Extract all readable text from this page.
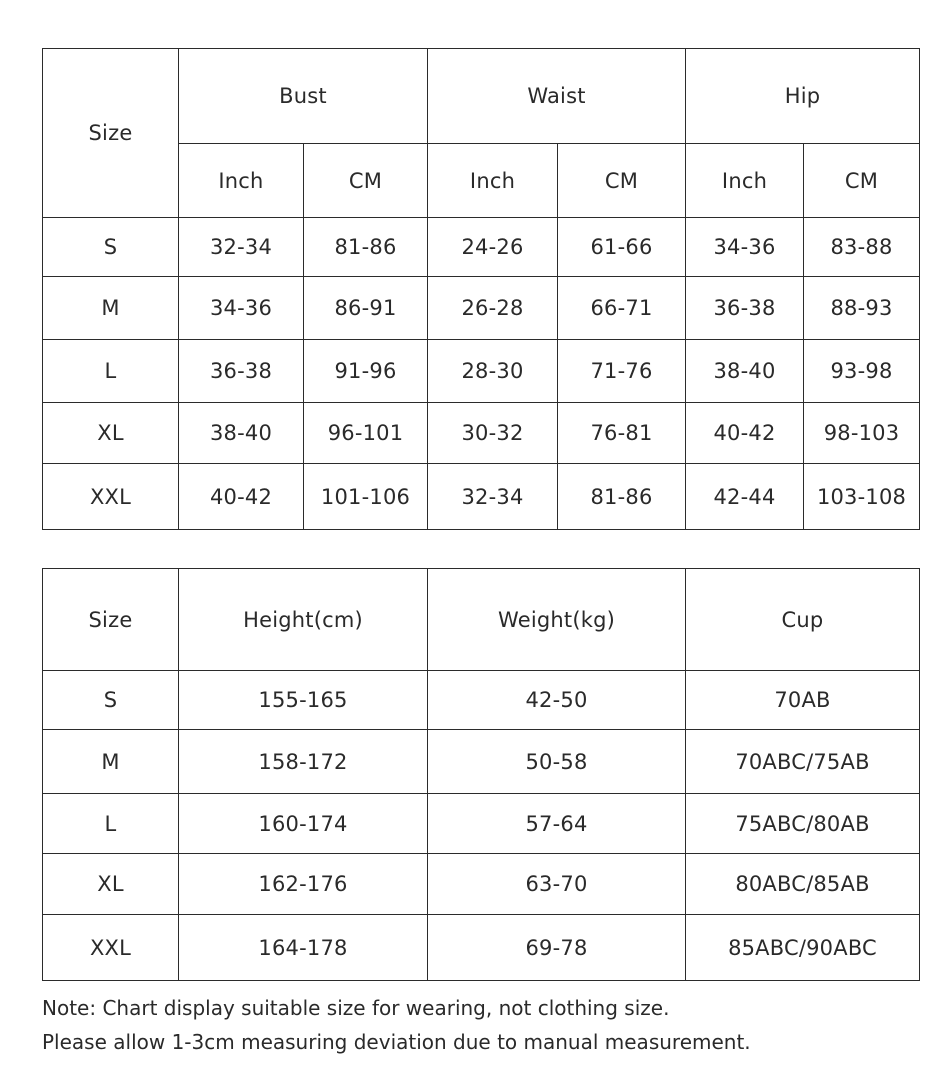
Size	Bust		Waist		Hip	
	Inch	CM	Inch	CM	Inch	CM
S	32-34	81-86	24-26	61-66	34-36	83-88
M	34-36	86-91	26-28	66-71	36-38	88-93
L	36-38	91-96	28-30	71-76	38-40	93-98
XL	38-40	96-101	30-32	76-81	40-42	98-103
XXL	40-42	101-106	32-34	81-86	42-44	103-108
Size	Height(cm)	Weight(kg)	Cup
S	155-165	42-50	70AB
M	158-172	50-58	70ABC/75AB
L	160-174	57-64	75ABC/80AB
XL	162-176	63-70	80ABC/85AB
XXL	164-178	69-78	85ABC/90ABC
Note: Chart display suitable size for wearing, not clothing size.
Please allow 1-3cm measuring deviation due to manual measurement.
